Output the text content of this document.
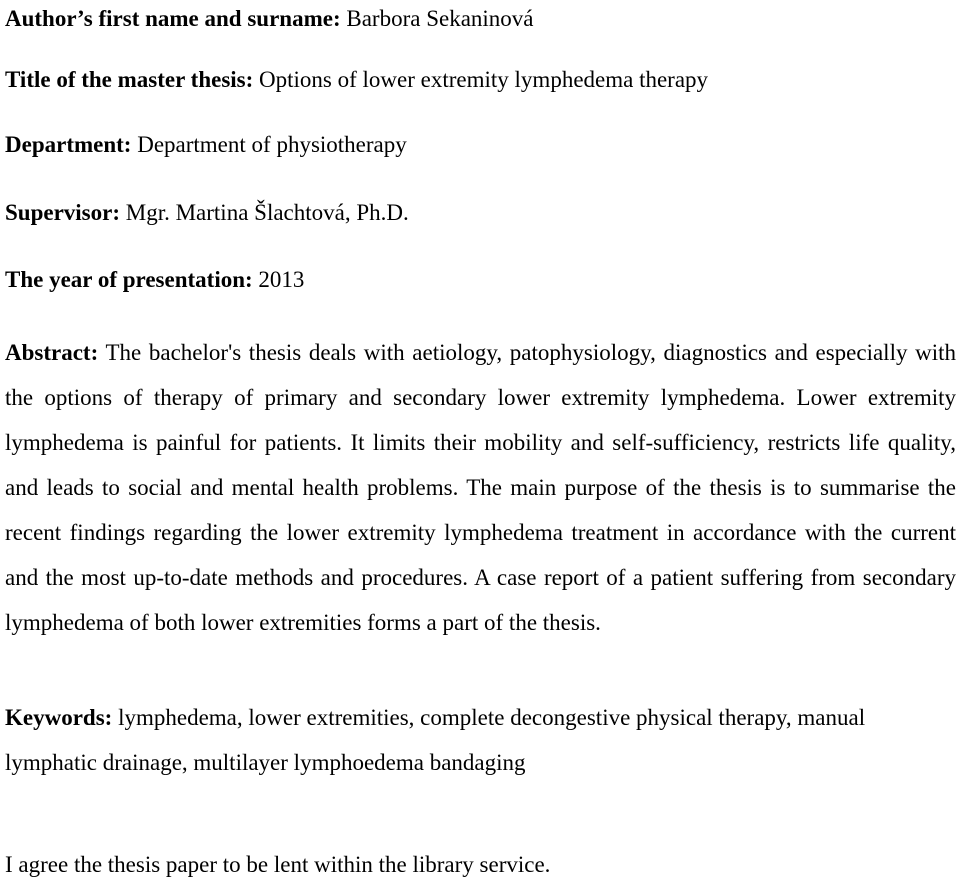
Author’s first name and surname: Barbora Sekaninová
Title of the master thesis: Options of lower extremity lymphedema therapy
Department: Department of physiotherapy
Supervisor: Mgr. Martina Šlachtová, Ph.D.
The year of presentation: 2013
Abstract: The bachelor's thesis deals with aetiology, patophysiology, diagnostics and especially with the options of therapy of primary and secondary lower extremity lymphedema. Lower extremity lymphedema is painful for patients. It limits their mobility and self-sufficiency, restricts life quality, and leads to social and mental health problems. The main purpose of the thesis is to summarise the recent findings regarding the lower extremity lymphedema treatment in accordance with the current and the most up-to-date methods and procedures. A case report of a patient suffering from secondary lymphedema of both lower extremities forms a part of the thesis.
Keywords: lymphedema, lower extremities, complete decongestive physical therapy, manual lymphatic drainage, multilayer lymphoedema bandaging
I agree the thesis paper to be lent within the library service.
